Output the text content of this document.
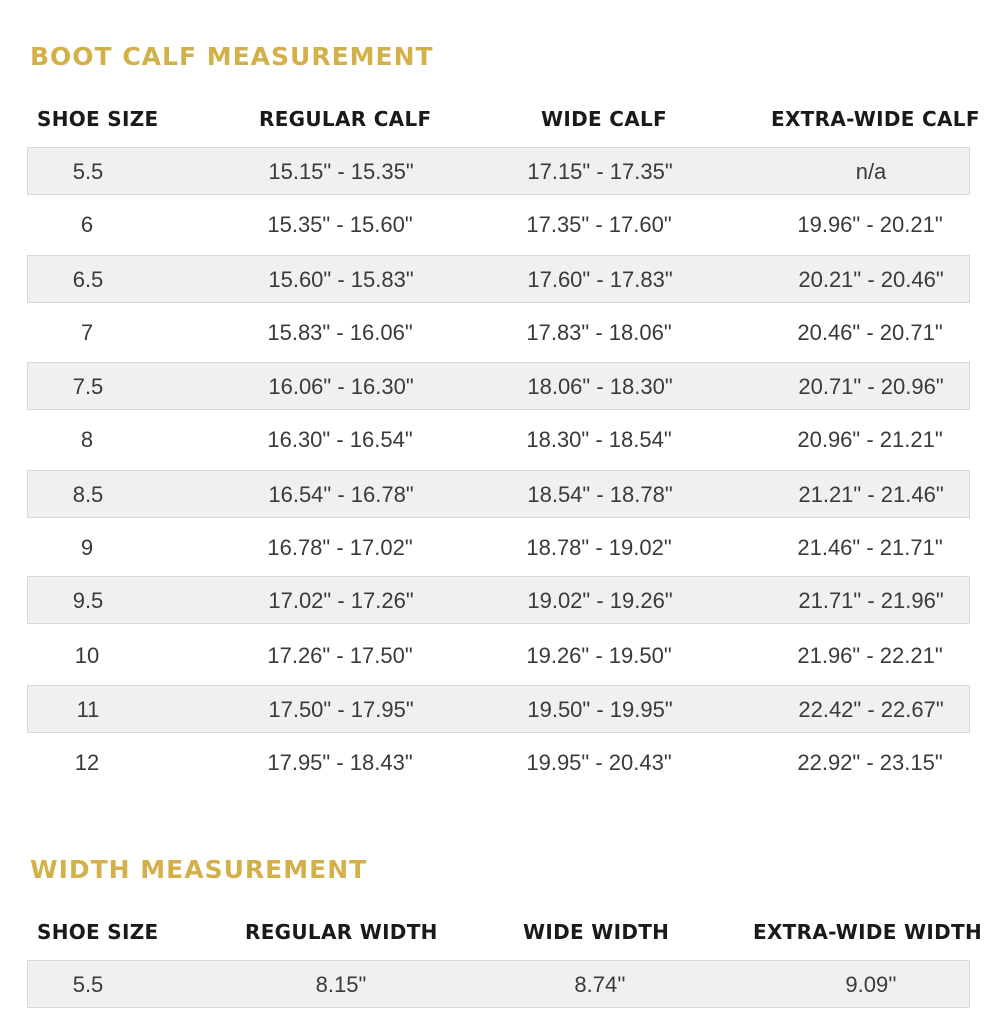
BOOT CALF MEASUREMENT
SHOE SIZE	REGULAR CALF	WIDE CALF	EXTRA-WIDE CALF
5.5	15.15" - 15.35"	17.15" - 17.35"	n/a
6	15.35" - 15.60"	17.35" - 17.60"	19.96" - 20.21"
6.5	15.60" - 15.83"	17.60" - 17.83"	20.21" - 20.46"
7	15.83" - 16.06"	17.83" - 18.06"	20.46" - 20.71"
7.5	16.06" - 16.30"	18.06" - 18.30"	20.71" - 20.96"
8	16.30" - 16.54"	18.30" - 18.54"	20.96" - 21.21"
8.5	16.54" - 16.78"	18.54" - 18.78"	21.21" - 21.46"
9	16.78" - 17.02"	18.78" - 19.02"	21.46" - 21.71"
9.5	17.02" - 17.26"	19.02" - 19.26"	21.71" - 21.96"
10	17.26" - 17.50"	19.26" - 19.50"	21.96" - 22.21"
11	17.50" - 17.95"	19.50" - 19.95"	22.42" - 22.67"
12	17.95" - 18.43"	19.95" - 20.43"	22.92" - 23.15"
WIDTH MEASUREMENT
SHOE SIZE	REGULAR WIDTH	WIDE WIDTH	EXTRA-WIDE WIDTH
5.5	8.15"	8.74''	9.09''
